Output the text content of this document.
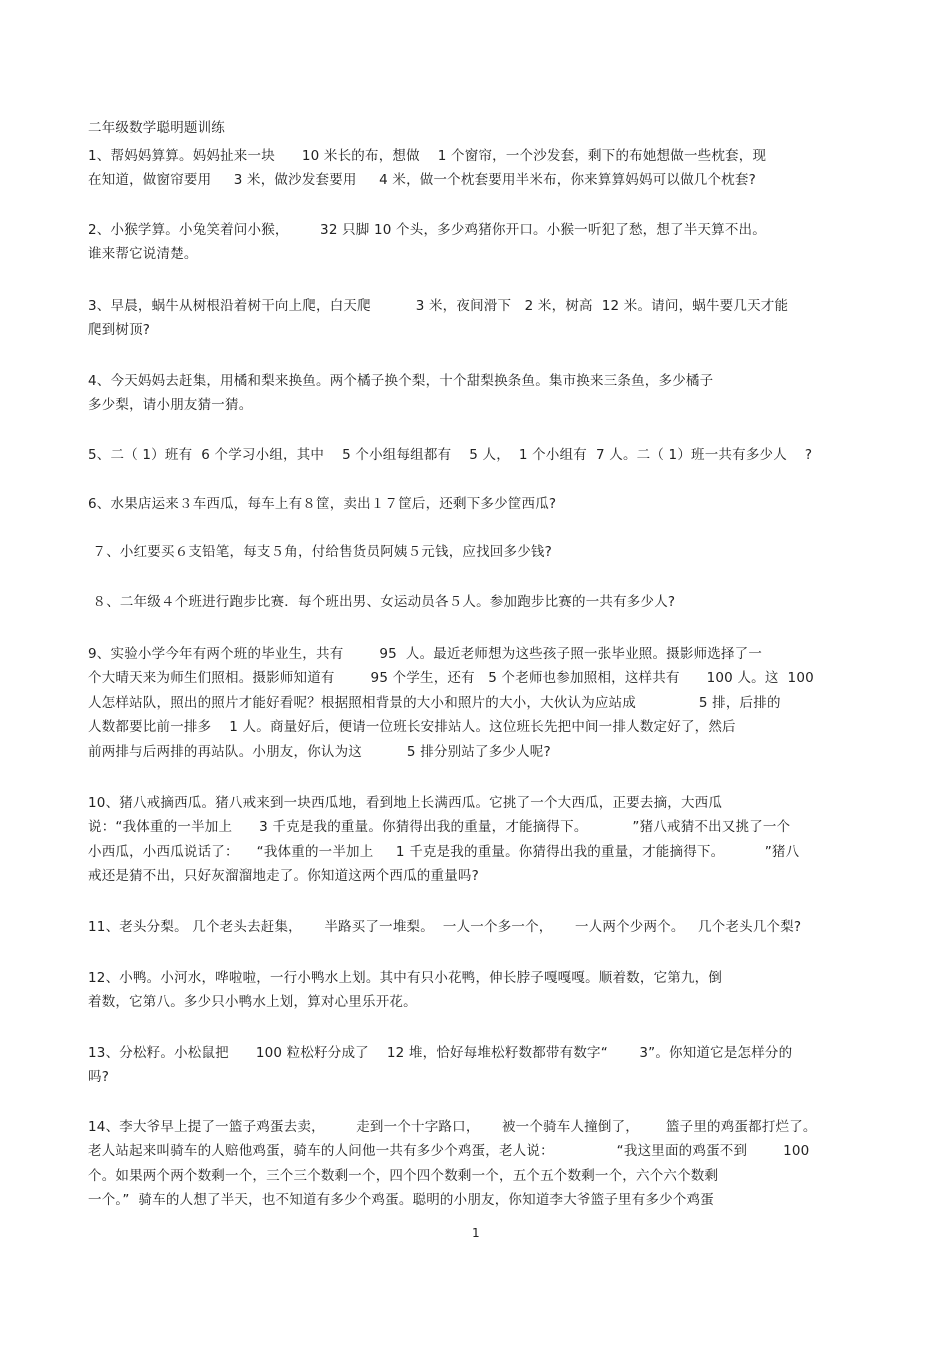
二年级数学聪明题训练
1、帮妈妈算算。妈妈扯来一块      10 米长的布，想做    1 个窗帘，一个沙发套，剩下的布她想做一些枕套，现
在知道，做窗帘要用     3 米，做沙发套要用     4 米，做一个枕套要用半米布，你来算算妈妈可以做几个枕套?
2、小猴学算。小兔笑着问小猴，       32 只脚 10 个头，多少鸡猪你开口。小猴一听犯了愁，想了半天算不出。
谁来帮它说清楚。
3、早晨，蜗牛从树根沿着树干向上爬，白天爬          3 米，夜间滑下   2 米，树高  12 米。请问，蜗牛要几天才能
爬到树顶?
4、今天妈妈去赶集，用橘和梨来换鱼。两个橘子换个梨，十个甜梨换条鱼。集市换来三条鱼，多少橘子
多少梨，请小朋友猜一猜。
5、二（ 1）班有  6 个学习小组，其中    5 个小组每组都有    5 人，  1 个小组有  7 人。二（ 1）班一共有多少人    ?
6、水果店运来３车西瓜，每车上有８筐，卖出１７筐后，还剩下多少筐西瓜?
７、小红要买６支铅笔，每支５角，付给售货员阿姨５元钱，应找回多少钱?
８、二年级４个班进行跑步比赛．每个班出男、女运动员各５人。参加跑步比赛的一共有多少人?
9、实验小学今年有两个班的毕业生，共有        95  人。最近老师想为这些孩子照一张毕业照。摄影师选择了一
个大晴天来为师生们照相。摄影师知道有        95 个学生，还有   5 个老师也参加照相，这样共有      100 人。这  100
人怎样站队，照出的照片才能好看呢？根据照相背景的大小和照片的大小，大伙认为应站成              5 排，后排的
人数都要比前一排多    1 人。商量好后，便请一位班长安排站人。这位班长先把中间一排人数定好了，然后
前两排与后两排的再站队。小朋友，你认为这          5 排分别站了多少人呢?
10、猪八戒摘西瓜。猪八戒来到一块西瓜地，看到地上长满西瓜。它挑了一个大西瓜，正要去摘，大西瓜
说：“我体重的一半加上      3 千克是我的重量。你猜得出我的重量，才能摘得下。          ”猪八戒猜不出又挑了一个
小西瓜，小西瓜说话了：    “我体重的一半加上     1 千克是我的重量。你猜得出我的重量，才能摘得下。         ”猪八
戒还是猜不出，只好灰溜溜地走了。你知道这两个西瓜的重量吗?
11、老头分梨。 几个老头去赶集，     半路买了一堆梨。  一人一个多一个，     一人两个少两个。   几个老头几个梨?
12、小鸭。小河水，哗啦啦，一行小鸭水上划。其中有只小花鸭，伸长脖子嘎嘎嘎。顺着数，它第九，倒
着数，它第八。多少只小鸭水上划，算对心里乐开花。
13、分松籽。小松鼠把      100 粒松籽分成了    12 堆，恰好每堆松籽数都带有数字“       3”。你知道它是怎样分的
吗?
14、李大爷早上提了一篮子鸡蛋去卖，       走到一个十字路口，     被一个骑车人撞倒了，      篮子里的鸡蛋都打烂了。
老人站起来叫骑车的人赔他鸡蛋，骑车的人问他一共有多少个鸡蛋，老人说：              “我这里面的鸡蛋不到        100
个。如果两个两个数剩一个，三个三个数剩一个，四个四个数剩一个，五个五个数剩一个，六个六个数剩
一个。”  骑车的人想了半天，也不知道有多少个鸡蛋。聪明的小朋友，你知道李大爷篮子里有多少个鸡蛋
1
